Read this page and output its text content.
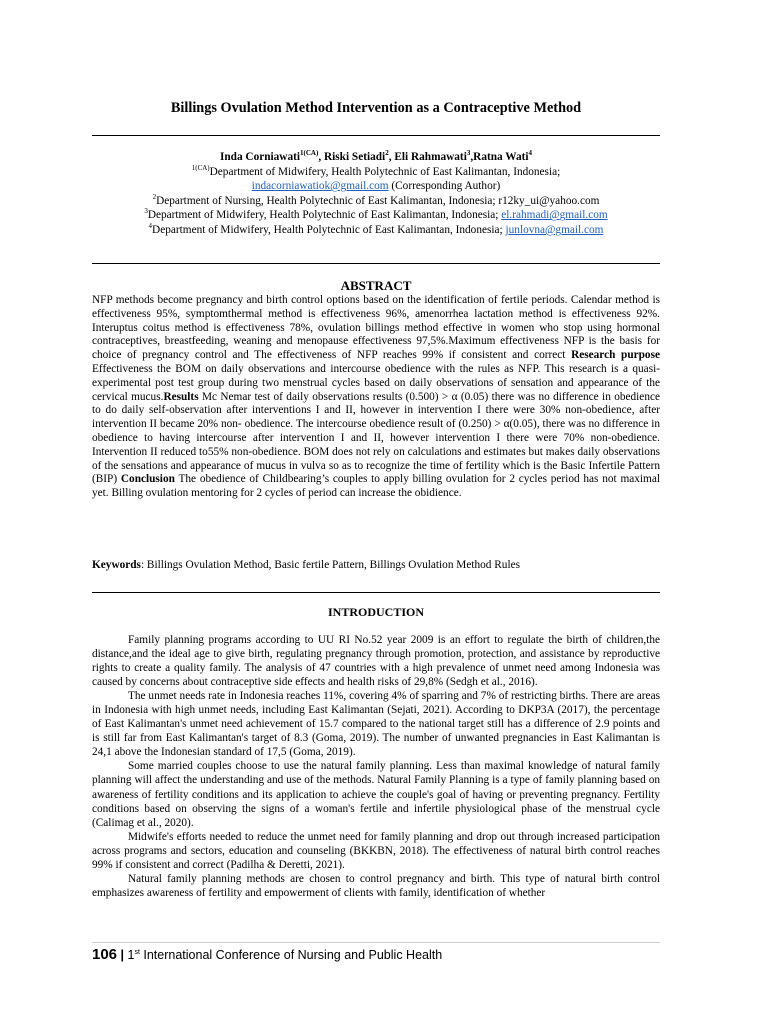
Billings Ovulation Method Intervention as a Contraceptive Method
Inda Corniawati$^{1(CA)}$, Riski Setiadi$^2$, Eli Rahmawati$^3$,Ratna Wati$^4$
$^{1(CA)}$Department of Midwifery, Health Polytechnic of East Kalimantan, Indonesia;
indacorniawatiok@gmail.com (Corresponding Author)
$^2$Department of Nursing, Health Polytechnic of East Kalimantan, Indonesia; r12ky_ui@yahoo.com
$^3$Department of Midwifery, Health Polytechnic of East Kalimantan, Indonesia; el.rahmadi@gmail.com
$^4$Department of Midwifery, Health Polytechnic of East Kalimantan, Indonesia; junlovna@gmail.com
ABSTRACT
NFP methods become pregnancy and birth control options based on the identification of fertile periods. Calendar method is effectiveness 95%, symptomthermal method is effectiveness 96%, amenorrhea lactation method is effectiveness 92%. Interuptus coitus method is effectiveness 78%, ovulation billings method effective in women who stop using hormonal contraceptives, breastfeeding, weaning and menopause effectiveness 97,5%.Maximum effectiveness NFP is the basis for choice of pregnancy control and The effectiveness of NFP reaches 99% if consistent and correct Research purpose Effectiveness the BOM on daily observations and intercourse obedience with the rules as NFP. This research is a quasi-experimental post test group during two menstrual cycles based on daily observations of sensation and appearance of the cervical mucus.Results Mc Nemar test of daily observations results (0.500) > α (0.05) there was no difference in obedience to do daily self-observation after interventions I and II, however in intervention I there were 30% non-obedience, after intervention II became 20% non- obedience. The intercourse obedience result of (0.250) > α(0.05), there was no difference in obedience to having intercourse after intervention I and II, however intervention I there were 70% non-obedience. Intervention II reduced to55% non-obedience. BOM does not rely on calculations and estimates but makes daily observations of the sensations and appearance of mucus in vulva so as to recognize the time of fertility which is the Basic Infertile Pattern (BIP) Conclusion The obedience of Childbearing’s couples to apply billing ovulation for 2 cycles period has not maximal yet. Billing ovulation mentoring for 2 cycles of period can increase the obidience.
Keywords: Billings Ovulation Method, Basic fertile Pattern, Billings Ovulation Method Rules
INTRODUCTION

Family planning programs according to UU RI No.52 year 2009 is an effort to regulate the birth of children,the distance,and the ideal age to give birth, regulating pregnancy through promotion, protection, and assistance by reproductive rights to create a quality family. The analysis of 47 countries with a high prevalence of unmet need among Indonesia was caused by concerns about contraceptive side effects and health risks of 29,8% (Sedgh et al., 2016).

The unmet needs rate in Indonesia reaches 11%, covering 4% of sparring and 7% of restricting births. There are areas in Indonesia with high unmet needs, including East Kalimantan (Sejati, 2021). According to DKP3A (2017), the percentage of East Kalimantan's unmet need achievement of 15.7 compared to the national target still has a difference of 2.9 points and is still far from East Kalimantan's target of 8.3 (Goma, 2019). The number of unwanted pregnancies in East Kalimantan is 24,1 above the Indonesian standard of 17,5 (Goma, 2019).

Some married couples choose to use the natural family planning. Less than maximal knowledge of natural family planning will affect the understanding and use of the methods. Natural Family Planning is a type of family planning based on awareness of fertility conditions and its application to achieve the couple's goal of having or preventing pregnancy. Fertility conditions based on observing the signs of a woman's fertile and infertile physiological phase of the menstrual cycle (Calimag et al., 2020).

Midwife's efforts needed to reduce the unmet need for family planning and drop out through increased participation across programs and sectors, education and counseling (BKKBN, 2018). The effectiveness of natural birth control reaches 99% if consistent and correct (Padilha & Deretti, 2021).

Natural family planning methods are chosen to control pregnancy and birth. This type of natural birth control emphasizes awareness of fertility and empowerment of clients with family, identification of whether

106 | 1st International Conference of Nursing and Public Health
